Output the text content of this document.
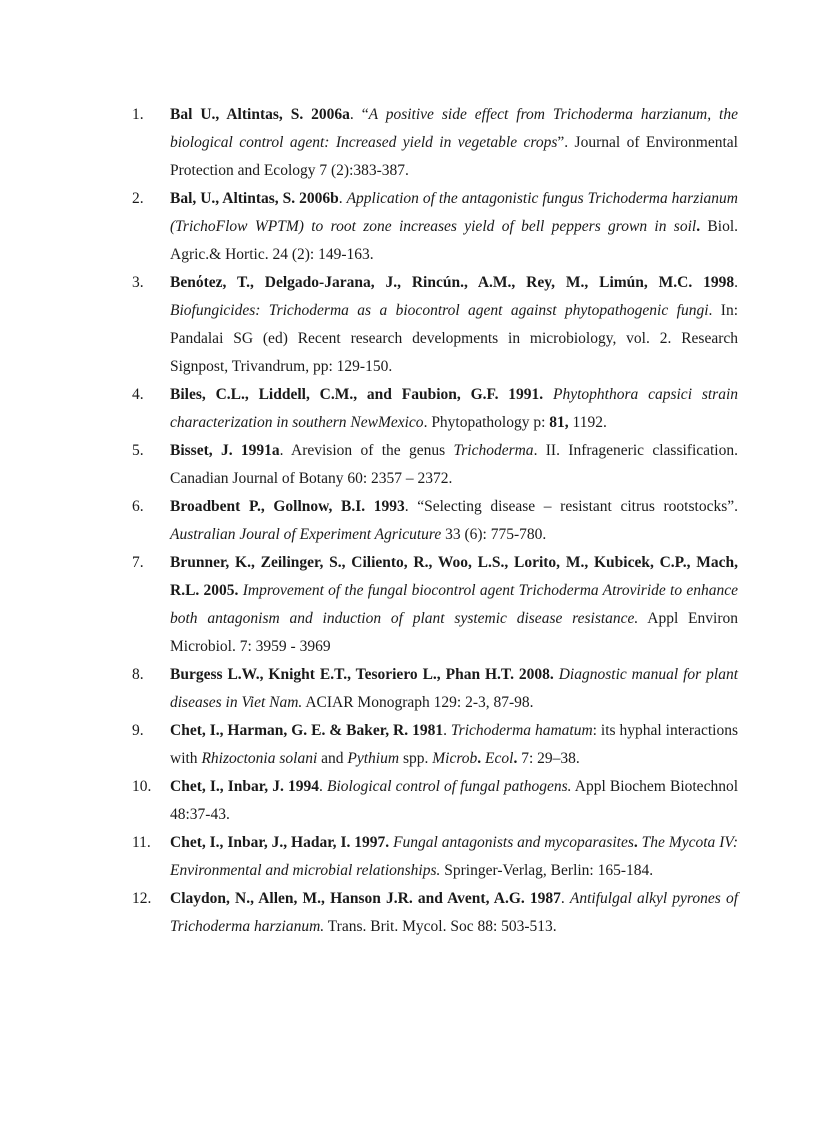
1.	Bal U., Altintas, S. 2006a. “A positive side effect from Trichoderma harzianum, the biological control agent: Increased yield in vegetable crops”. Journal of Environmental Protection and Ecology 7 (2):383-387.
2.	Bal, U., Altintas, S. 2006b. Application of the antagonistic fungus Trichoderma harzianum (TrichoFlow WPTM) to root zone increases yield of bell peppers grown in soil. Biol. Agric.& Hortic. 24 (2): 149-163.
3.	Benόtez, T., Delgado-Jarana, J., Rincún., A.M., Rey, M., Limún, M.C. 1998. Biofungicides: Trichoderma as a biocontrol agent against phytopathogenic fungi. In: Pandalai SG (ed) Recent research developments in microbiology, vol. 2. Research Signpost, Trivandrum, pp: 129-150.
4.	Biles, C.L., Liddell, C.M., and Faubion, G.F. 1991. Phytophthora capsici strain characterization in southern NewMexico. Phytopathology p: 81, 1192.
5.	Bisset, J. 1991a. Arevision of the genus Trichoderma. II. Infrageneric classification. Canadian Journal of Botany 60: 2357 – 2372.
6.	Broadbent P., Gollnow, B.I. 1993. “Selecting disease – resistant citrus rootstocks”. Australian Joural of Experiment Agricuture 33 (6): 775-780.
7.	Brunner, K., Zeilinger, S., Ciliento, R., Woo, L.S., Lorito, M., Kubicek, C.P., Mach, R.L. 2005. Improvement of the fungal biocontrol agent Trichoderma Atroviride to enhance both antagonism and induction of plant systemic disease resistance. Appl Environ Microbiol. 7: 3959 - 3969
8.	Burgess L.W., Knight E.T., Tesoriero L., Phan H.T. 2008. Diagnostic manual for plant diseases in Viet Nam. ACIAR Monograph 129: 2-3, 87-98.
9.	Chet, I., Harman, G. E. & Baker, R. 1981. Trichoderma hamatum: its hyphal interactions with Rhizoctonia solani and Pythium spp. Microb. Ecol. 7: 29–38.
10.	Chet, I., Inbar, J. 1994. Biological control of fungal pathogens. Appl Biochem Biotechnol 48:37-43.
11.	Chet, I., Inbar, J., Hadar, I. 1997. Fungal antagonists and mycoparasites. The Mycota IV: Environmental and microbial relationships. Springer-Verlag, Berlin: 165-184.
12.	Claydon, N., Allen, M., Hanson J.R. and Avent, A.G. 1987. Antifulgal alkyl pyrones of Trichoderma harzianum. Trans. Brit. Mycol. Soc 88: 503-513.
